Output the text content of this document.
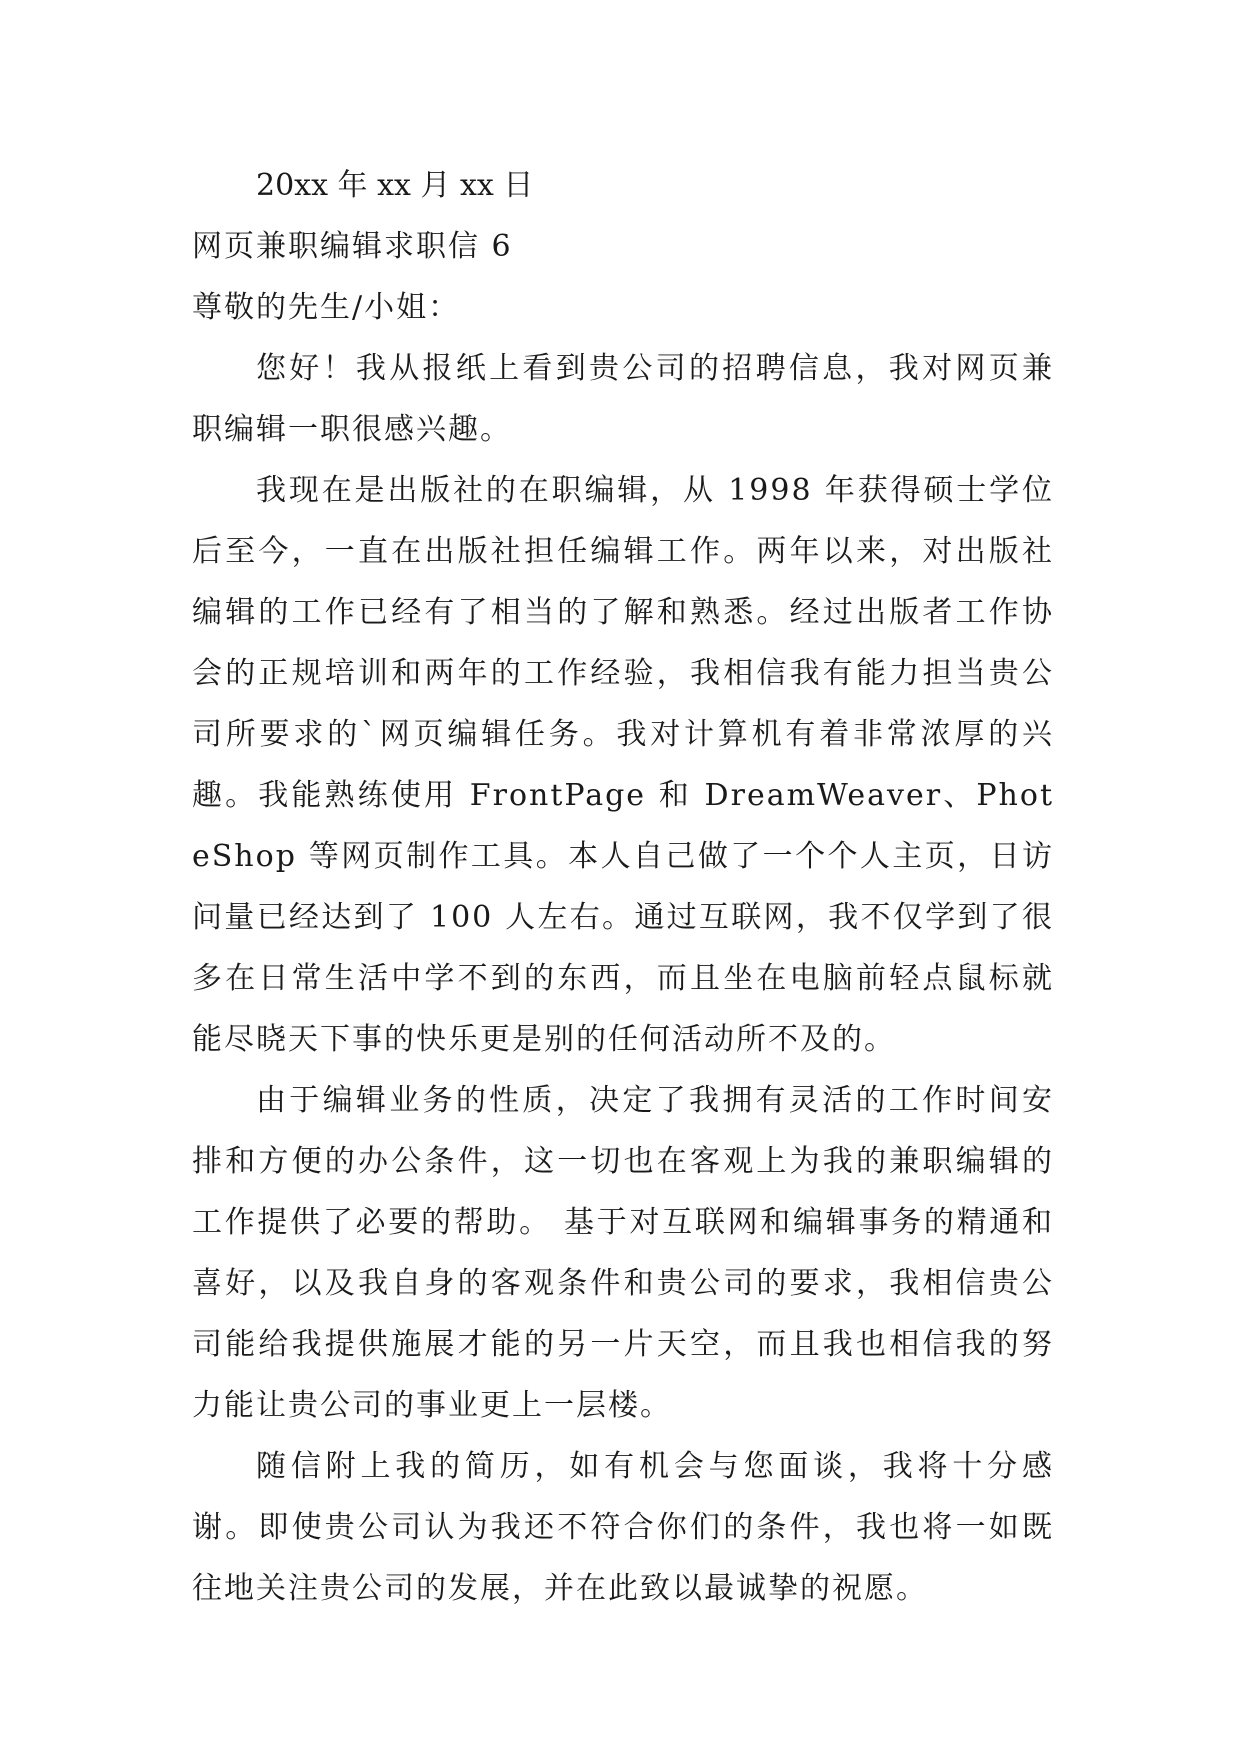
20xx 年 xx 月 xx 日

网页兼职编辑求职信 6

尊敬的先生/小姐：

您好！我从报纸上看到贵公司的招聘信息，我对网页兼职编辑一职很感兴趣。

我现在是出版社的在职编辑，从 1998 年获得硕士学位后至今，一直在出版社担任编辑工作。两年以来，对出版社编辑的工作已经有了相当的了解和熟悉。经过出版者工作协会的正规培训和两年的工作经验，我相信我有能力担当贵公司所要求的`网页编辑任务。我对计算机有着非常浓厚的兴趣。我能熟练使用 FrontPage 和 DreamWeaver、PhoteShop 等网页制作工具。本人自己做了一个个人主页，日访问量已经达到了 100 人左右。通过互联网，我不仅学到了很多在日常生活中学不到的东西，而且坐在电脑前轻点鼠标就能尽晓天下事的快乐更是别的任何活动所不及的。

由于编辑业务的性质，决定了我拥有灵活的工作时间安排和方便的办公条件，这一切也在客观上为我的兼职编辑的工作提供了必要的帮助。 基于对互联网和编辑事务的精通和喜好，以及我自身的客观条件和贵公司的要求，我相信贵公司能给我提供施展才能的另一片天空，而且我也相信我的努力能让贵公司的事业更上一层楼。

随信附上我的简历，如有机会与您面谈，我将十分感谢。即使贵公司认为我还不符合你们的条件，我也将一如既往地关注贵公司的发展，并在此致以最诚挚的祝愿。
